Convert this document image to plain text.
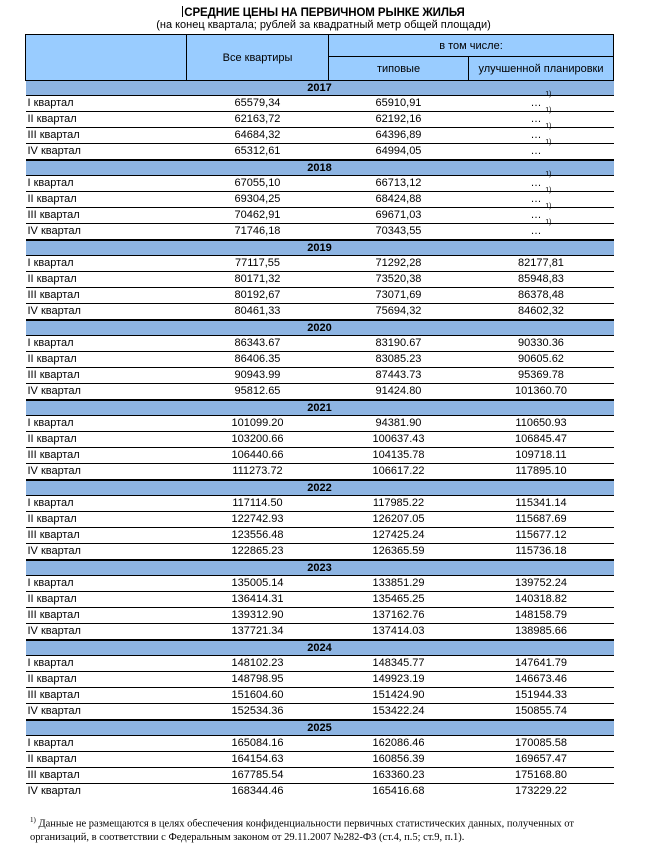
СРЕДНИЕ ЦЕНЫ НА ПЕРВИЧНОМ РЫНКЕ ЖИЛЬЯ
(на конец квартала; рублей за квадратный метр общей площади)
	Все квартиры	в том числе:	
		типовые	улучшенной планировки
2017			
I квартал	65579,34	65910,91	…
1)

II квартал	62163,72	62192,16	…
1)

III квартал	64684,32	64396,89	…
1)

IV квартал	65312,61	64994,05	…
1)

2018			
I квартал	67055,10	66713,12	…
1)

II квартал	69304,25	68424,88	…
1)

III квартал	70462,91	69671,03	…
1)

IV квартал	71746,18	70343,55	…
1)

2019			
I квартал	77117,55	71292,28	82177,81
II квартал	80171,32	73520,38	85948,83
III квартал	80192,67	73071,69	86378,48
IV квартал	80461,33	75694,32	84602,32
2020			
I квартал	86343.67	83190.67	90330.36
II квартал	86406.35	83085.23	90605.62
III квартал	90943.99	87443.73	95369.78
IV квартал	95812.65	91424.80	101360.70
2021			
I квартал	101099.20	94381.90	110650.93
II квартал	103200.66	100637.43	106845.47
III квартал	106440.66	104135.78	109718.11
IV квартал	111273.72	106617.22	117895.10
2022			
I квартал	117114.50	117985.22	115341.14
II квартал	122742.93	126207.05	115687.69
III квартал	123556.48	127425.24	115677.12
IV квартал	122865.23	126365.59	115736.18
2023			
I квартал	135005.14	133851.29	139752.24
II квартал	136414.31	135465.25	140318.82
III квартал	139312.90	137162.76	148158.79
IV квартал	137721.34	137414.03	138985.66
2024			
I квартал	148102.23	148345.77	147641.79
II квартал	148798.95	149923.19	146673.46
III квартал	151604.60	151424.90	151944.33
IV квартал	152534.36	153422.24	150855.74
2025			
I квартал	165084.16	162086.46	170085.58
II квартал	164154.63	160856.39	169657.47
III квартал	167785.54	163360.23	175168.80
IV квартал	168344.46	165416.68	173229.22
$^{1)}$ Данные не размещаются в целях обеспечения конфиденциальности первичных статистических данных, полученных от организаций, в соответствии с Федеральным законом от 29.11.2007 №282-ФЗ (ст.4, п.5; ст.9, п.1).
